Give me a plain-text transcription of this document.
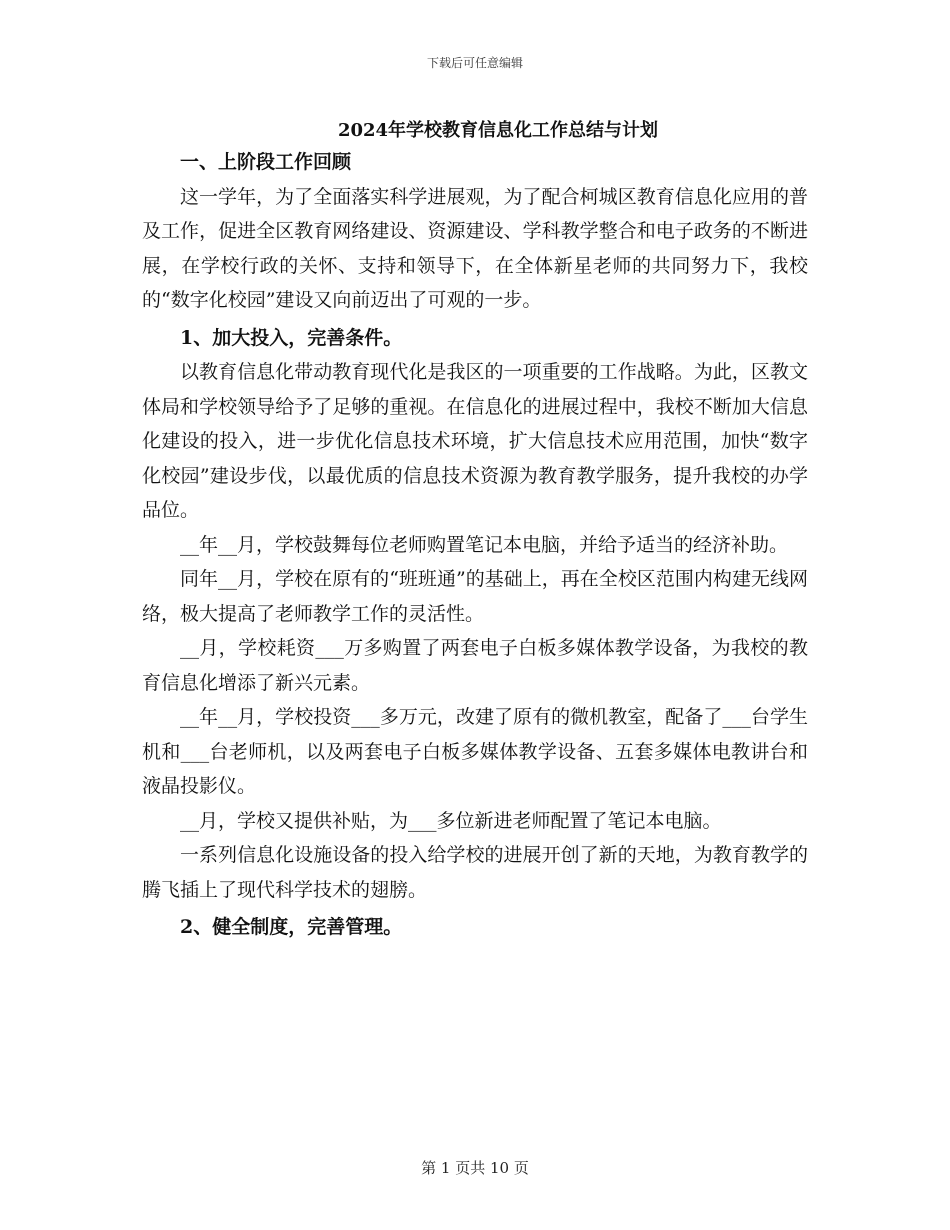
下载后可任意编辑
2024年学校教育信息化工作总结与计划

一、上阶段工作回顾

这一学年，为了全面落实科学进展观，为了配合柯城区教育信息化应用的普及工作，促进全区教育网络建设、资源建设、学科教学整合和电子政务的不断进展，在学校行政的关怀、支持和领导下，在全体新星老师的共同努力下，我校的“数字化校园”建设又向前迈出了可观的一步。

1、加大投入，完善条件。

以教育信息化带动教育现代化是我区的一项重要的工作战略。为此，区教文体局和学校领导给予了足够的重视。在信息化的进展过程中，我校不断加大信息化建设的投入，进一步优化信息技术环境，扩大信息技术应用范围，加快“数字化校园”建设步伐，以最优质的信息技术资源为教育教学服务，提升我校的办学品位。

__年__月，学校鼓舞每位老师购置笔记本电脑，并给予适当的经济补助。

同年__月，学校在原有的“班班通”的基础上，再在全校区范围内构建无线网络，极大提高了老师教学工作的灵活性。

__月，学校耗资___万多购置了两套电子白板多媒体教学设备，为我校的教育信息化增添了新兴元素。

__年__月，学校投资___多万元，改建了原有的微机教室，配备了___台学生机和___台老师机，以及两套电子白板多媒体教学设备、五套多媒体电教讲台和液晶投影仪。

__月，学校又提供补贴，为___多位新进老师配置了笔记本电脑。

一系列信息化设施设备的投入给学校的进展开创了新的天地，为教育教学的腾飞插上了现代科学技术的翅膀。

2、健全制度，完善管理。

第 1 页共 10 页
